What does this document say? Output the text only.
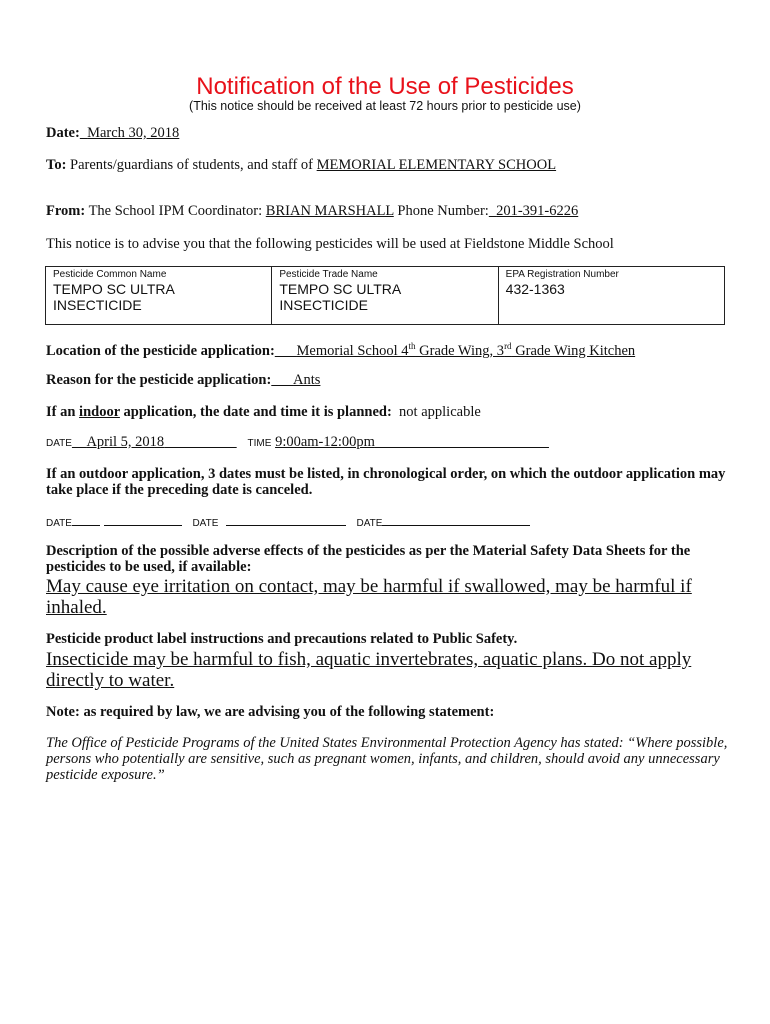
Notification of the Use of Pesticides
(This notice should be received at least 72 hours prior to pesticide use)
Date: March 30, 2018
To: Parents/guardians of students, and staff of MEMORIAL ELEMENTARY SCHOOL
From: The School IPM Coordinator: BRIAN MARSHALL Phone Number: 201-391-6226
This notice is to advise you that the following pesticides will be used at Fieldstone Middle School
Pesticide Common Name
TEMPO SC ULTRA INSECTICIDE

Pesticide Trade Name
TEMPO SC ULTRA INSECTICIDE

EPA Registration Number
432-1363
Location of the pesticide application: Memorial School 4th Grade Wing, 3rd Grade Wing Kitchen
Reason for the pesticide application: Ants
If an indoor application, the date and time it is planned: not applicable
DATE April 5, 2018	TIME 9:00am-12:00pm
If an outdoor application, 3 dates must be listed, in chronological order, on which the outdoor application may take place if the preceding date is canceled.
DATE	DATE	DATE
Description of the possible adverse effects of the pesticides as per the Material Safety Data Sheets for the pesticides to be used, if available:
May cause eye irritation on contact, may be harmful if swallowed, may be harmful if inhaled.
Pesticide product label instructions and precautions related to Public Safety.
Insecticide may be harmful to fish, aquatic invertebrates, aquatic plans. Do not apply directly to water.
Note: as required by law, we are advising you of the following statement:
The Office of Pesticide Programs of the United States Environmental Protection Agency has stated: “Where possible, persons who potentially are sensitive, such as pregnant women, infants, and children, should avoid any unnecessary pesticide exposure.”
